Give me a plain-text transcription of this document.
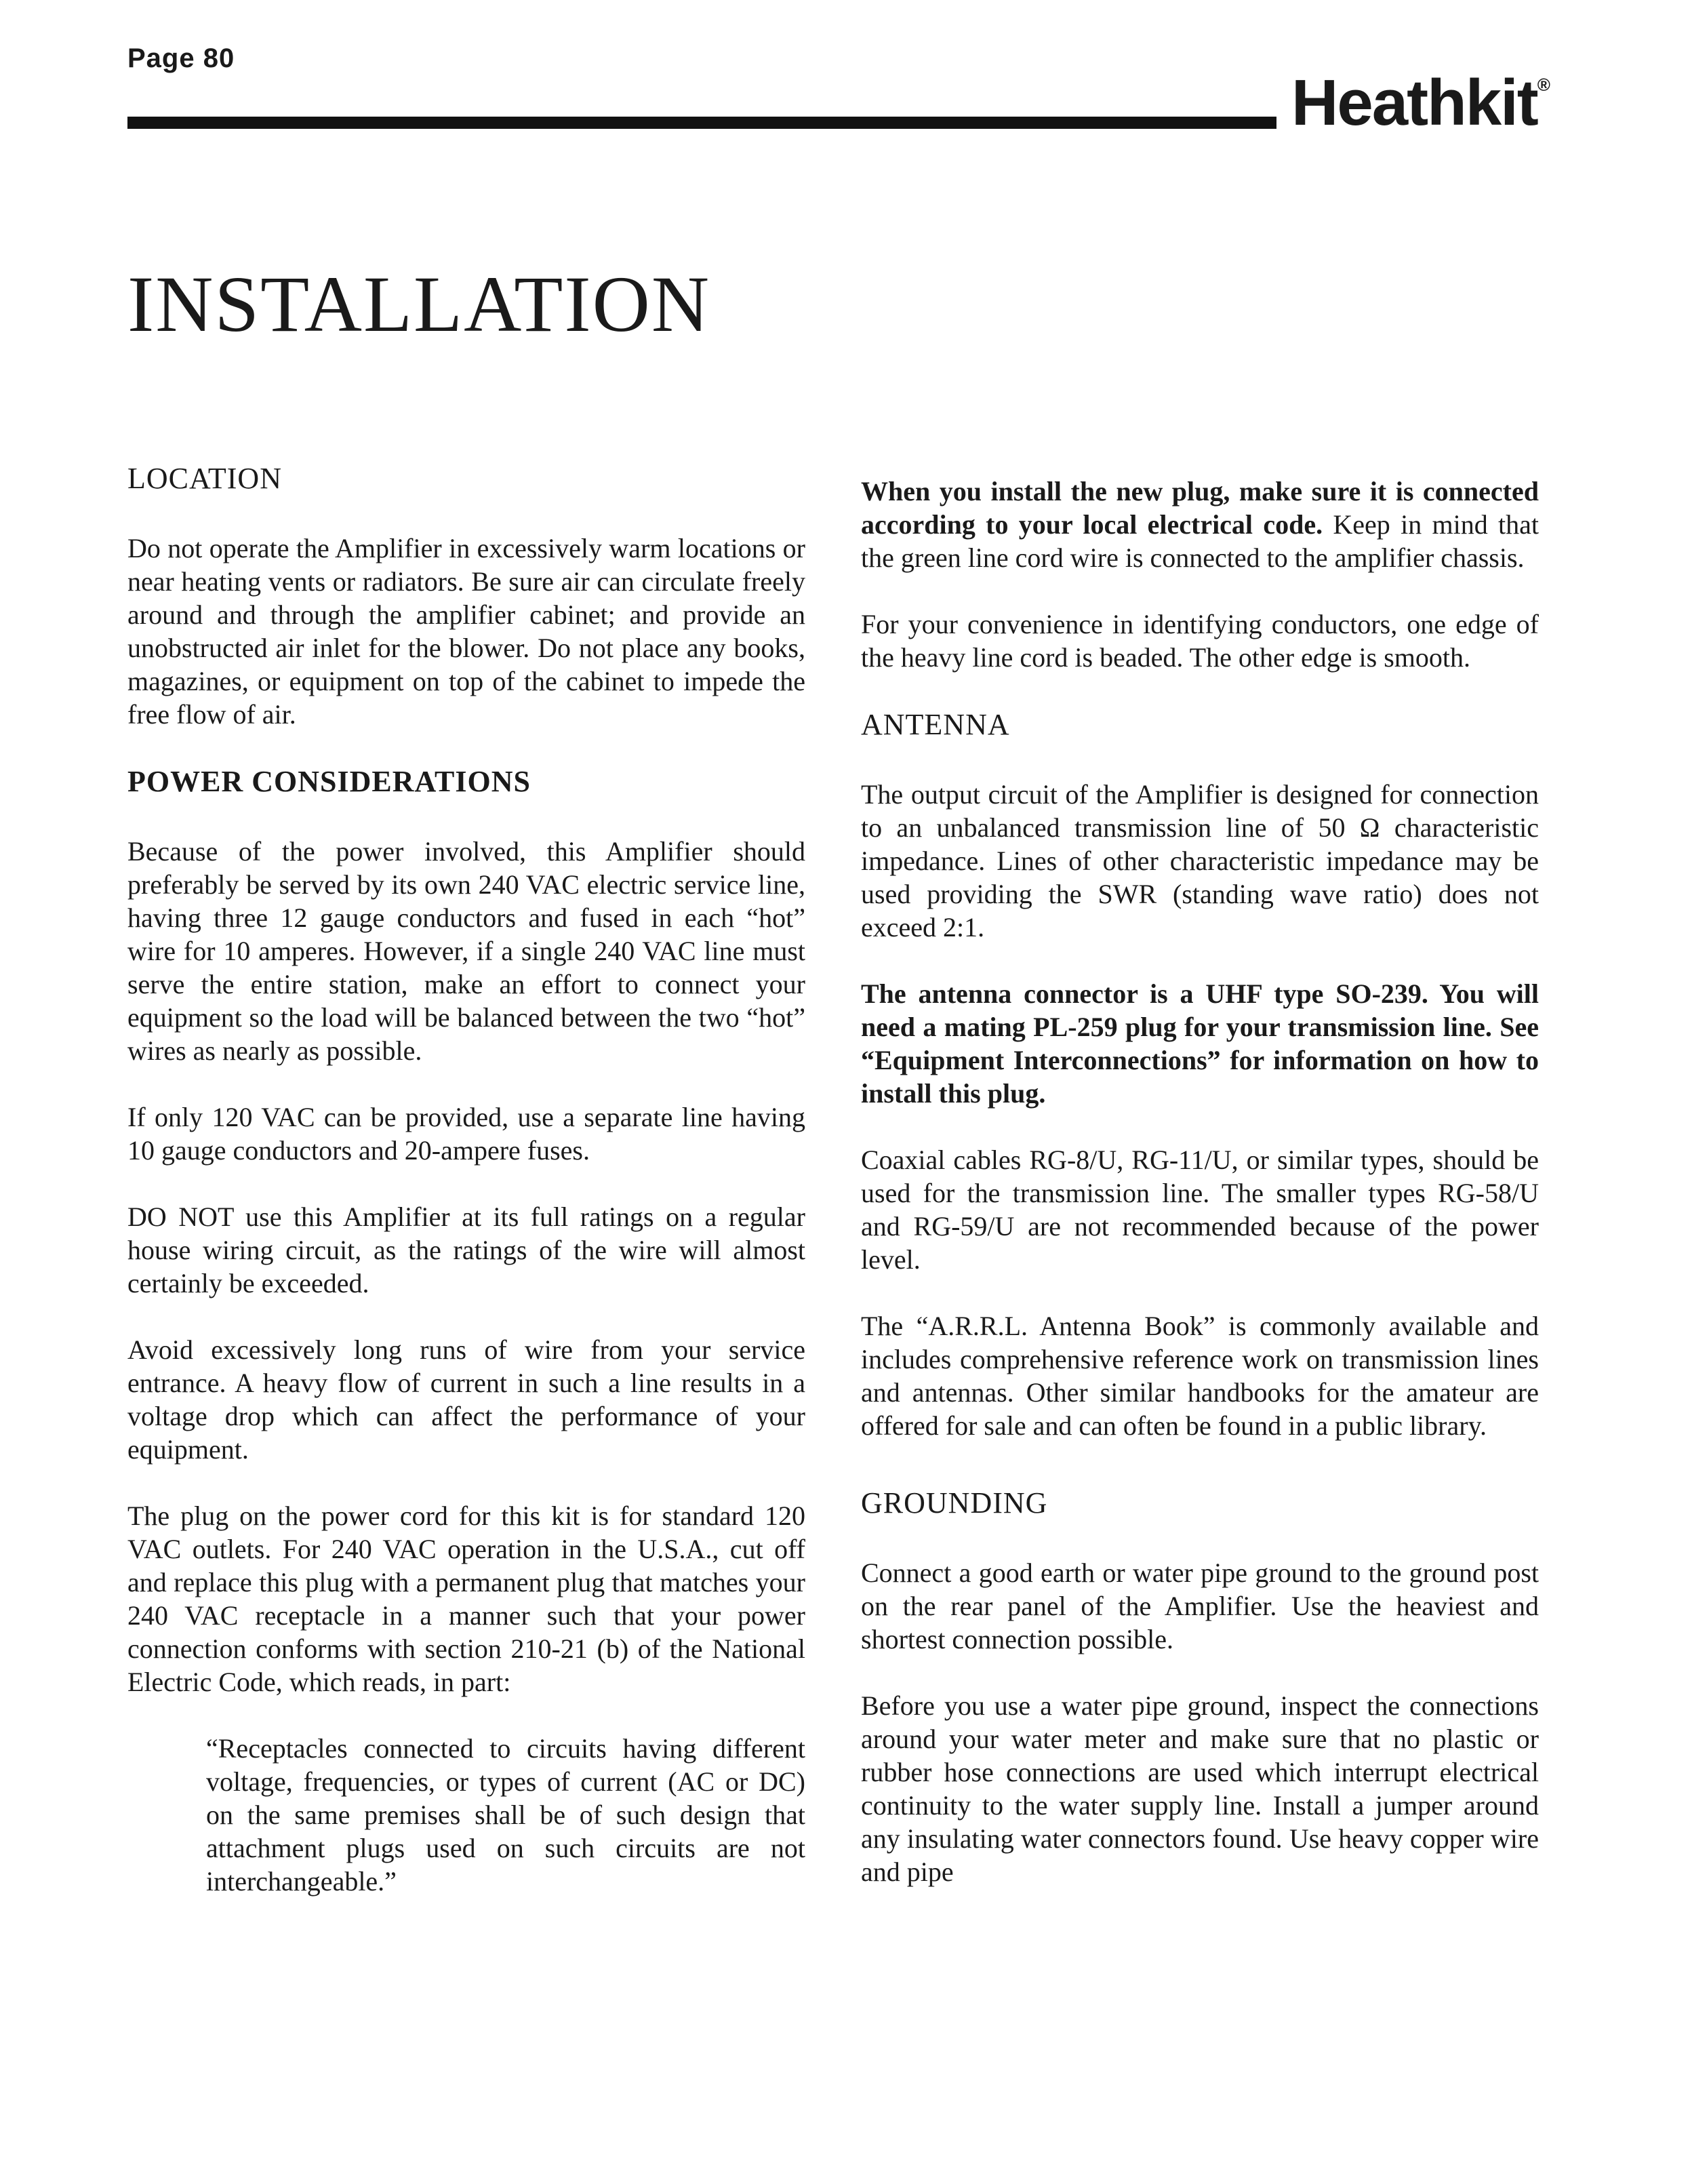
Page 80
Heathkit®
INSTALLATION
LOCATION

Do not operate the Amplifier in excessively warm locations or near heating vents or radiators. Be sure air can circulate freely around and through the amplifier cabinet; and provide an unobstructed air inlet for the blower. Do not place any books, magazines, or equipment on top of the cabinet to impede the free flow of air.

POWER CONSIDERATIONS

Because of the power involved, this Amplifier should preferably be served by its own 240 VAC electric service line, having three 12 gauge conductors and fused in each “hot” wire for 10 amperes. However, if a single 240 VAC line must serve the entire station, make an effort to connect your equipment so the load will be balanced between the two “hot” wires as nearly as possible.

If only 120 VAC can be provided, use a separate line having 10 gauge conductors and 20-ampere fuses.

DO NOT use this Amplifier at its full ratings on a regular house wiring circuit, as the ratings of the wire will almost certainly be exceeded.

Avoid excessively long runs of wire from your service entrance. A heavy flow of current in such a line results in a voltage drop which can affect the performance of your equipment.

The plug on the power cord for this kit is for standard 120 VAC outlets. For 240 VAC operation in the U.S.A., cut off and replace this plug with a permanent plug that matches your 240 VAC receptacle in a manner such that your power connection conforms with section 210-21 (b) of the National Electric Code, which reads, in part:

“Receptacles connected to circuits having different voltage, frequencies, or types of current (AC or DC) on the same premises shall be of such design that attachment plugs used on such circuits are not interchangeable.”

When you install the new plug, make sure it is connected according to your local electrical code. Keep in mind that the green line cord wire is connected to the amplifier chassis.

For your convenience in identifying conductors, one edge of the heavy line cord is beaded. The other edge is smooth.

ANTENNA

The output circuit of the Amplifier is designed for connection to an unbalanced transmission line of 50 Ω characteristic impedance. Lines of other characteristic impedance may be used providing the SWR (standing wave ratio) does not exceed 2:1.

The antenna connector is a UHF type SO-239. You will need a mating PL-259 plug for your transmission line. See “Equipment Interconnections” for information on how to install this plug.

Coaxial cables RG-8/U, RG-11/U, or similar types, should be used for the transmission line. The smaller types RG-58/U and RG-59/U are not recommended because of the power level.

The “A.R.R.L. Antenna Book” is commonly available and includes comprehensive reference work on transmission lines and antennas. Other similar handbooks for the amateur are offered for sale and can often be found in a public library.

GROUNDING

Connect a good earth or water pipe ground to the ground post on the rear panel of the Amplifier. Use the heaviest and shortest connection possible.

Before you use a water pipe ground, inspect the connections around your water meter and make sure that no plastic or rubber hose connections are used which interrupt electrical continuity to the water supply line. Install a jumper around any insulating water connectors found. Use heavy copper wire and pipe
